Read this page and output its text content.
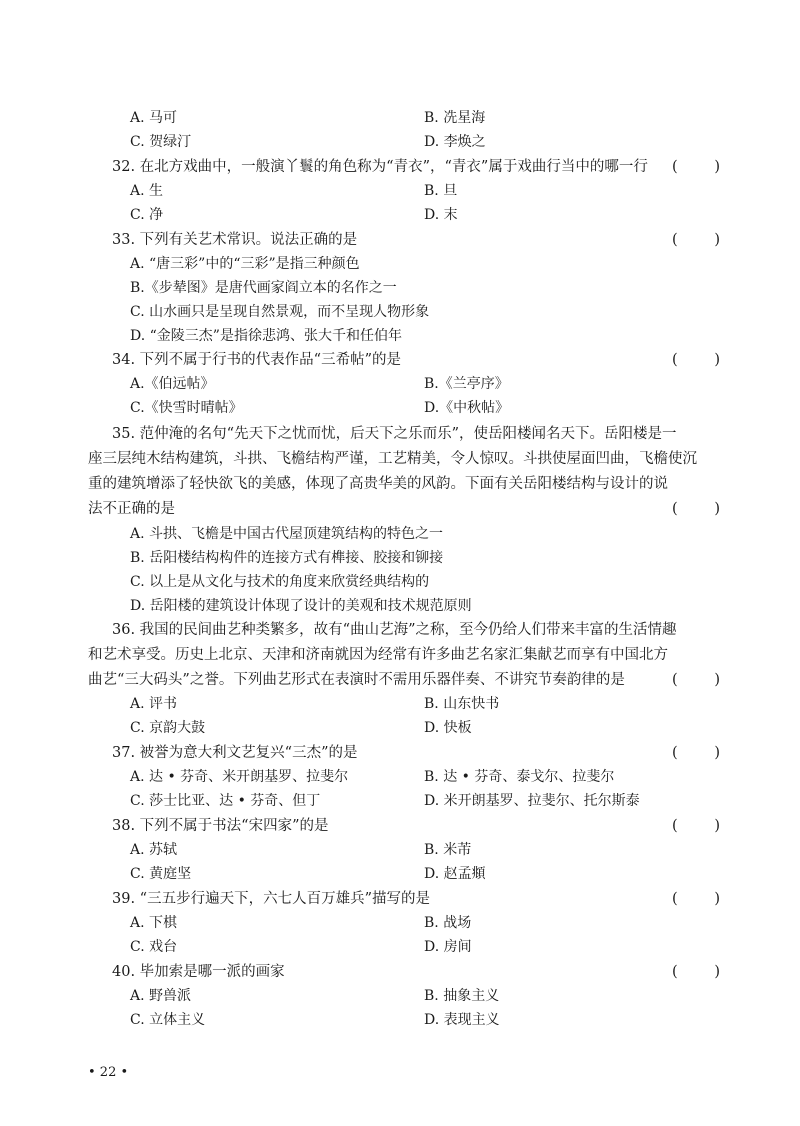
A. 马可	B. 冼星海
C. 贺绿汀	D. 李焕之
32. 在北方戏曲中，一般演丫鬟的角色称为“青衣”，“青衣”属于戏曲行当中的哪一行 (	)
A. 生	B. 旦
C. 净	D. 末
33. 下列有关艺术常识。说法正确的是	(	)
A. “唐三彩”中的“三彩”是指三种颜色
B.《步辇图》是唐代画家阎立本的名作之一
C. 山水画只是呈现自然景观，而不呈现人物形象
D. “金陵三杰”是指徐悲鸿、张大千和任伯年
34. 下列不属于行书的代表作品“三希帖”的是	(	)
A.《伯远帖》	B.《兰亭序》
C.《快雪时晴帖》	D.《中秋帖》
35. 范仲淹的名句“先天下之忧而忧，后天下之乐而乐”，使岳阳楼闻名天下。岳阳楼是一
座三层纯木结构建筑，斗拱、飞檐结构严谨，工艺精美，令人惊叹。斗拱使屋面凹曲，飞檐使沉
重的建筑增添了轻快欲飞的美感，体现了高贵华美的风韵。下面有关岳阳楼结构与设计的说
法不正确的是	(	)
A. 斗拱、飞檐是中国古代屋顶建筑结构的特色之一
B. 岳阳楼结构构件的连接方式有榫接、胶接和铆接
C. 以上是从文化与技术的角度来欣赏经典结构的
D. 岳阳楼的建筑设计体现了设计的美观和技术规范原则
36. 我国的民间曲艺种类繁多，故有“曲山艺海”之称，至今仍给人们带来丰富的生活情趣
和艺术享受。历史上北京、天津和济南就因为经常有许多曲艺名家汇集献艺而享有中国北方
曲艺“三大码头”之誉。下列曲艺形式在表演时不需用乐器伴奏、不讲究节奏韵律的是	(	)
A. 评书	B. 山东快书
C. 京韵大鼓	D. 快板
37. 被誉为意大利文艺复兴“三杰”的是	(	)
A. 达 • 芬奇、米开朗基罗、拉斐尔	B. 达 • 芬奇、泰戈尔、拉斐尔
C. 莎士比亚、达 • 芬奇、但丁	D. 米开朗基罗、拉斐尔、托尔斯泰
38. 下列不属于书法“宋四家”的是	(	)
A. 苏轼	B. 米芾
C. 黄庭坚	D. 赵孟頫
39. “三五步行遍天下，六七人百万雄兵”描写的是	(	)
A. 下棋	B. 战场
C. 戏台	D. 房间
40. 毕加索是哪一派的画家	(	)
A. 野兽派	B. 抽象主义
C. 立体主义	D. 表现主义
• 22 •
